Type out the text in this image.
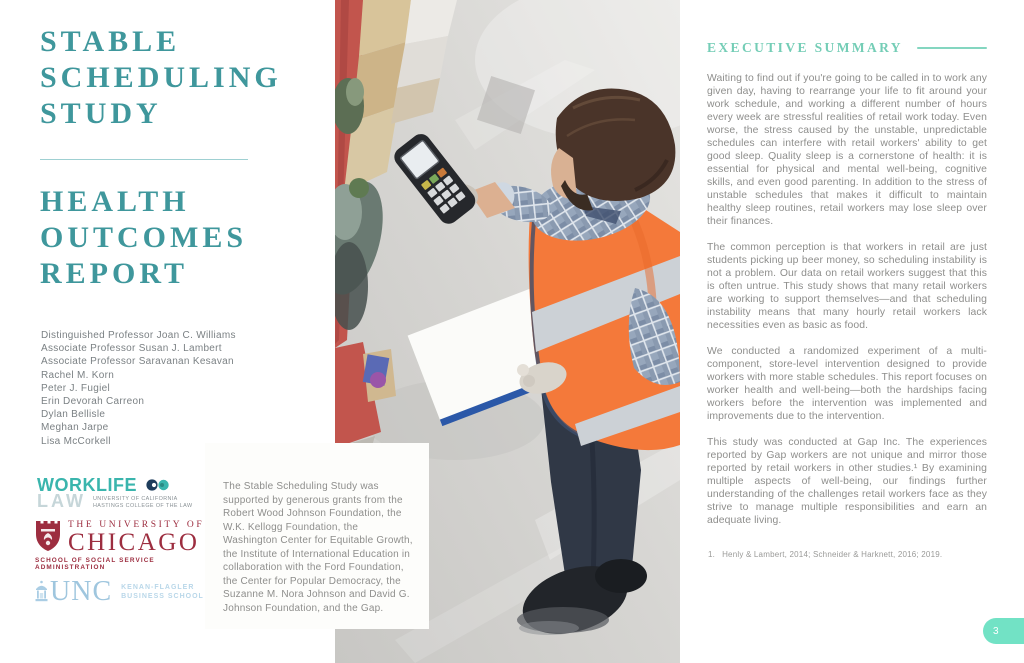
STABLE
SCHEDULING
STUDY
HEALTH
OUTCOMES
REPORT
Distinguished Professor Joan C. Williams
Associate Professor Susan J. Lambert
Associate Professor Saravanan Kesavan
Rachel M. Korn
Peter J. Fugiel
Erin Devorah Carreon
Dylan Bellisle
Meghan Jarpe
Lisa McCorkell
WORKLIFE
LAW UNIVERSITY OF CALIFORNIA
HASTINGS COLLEGE OF THE LAW
THE UNIVERSITY OF
CHICAGO
SCHOOL OF SOCIAL SERVICE ADMINISTRATION
UNC KENAN-FLAGLER
BUSINESS SCHOOL

The Stable Scheduling Study was supported by generous grants from the Robert Wood Johnson Foundation, the W.K. Kellogg Foundation, the Washington Center for Equitable Growth, the Institute of International Education in collaboration with the Ford Foundation, the Center for Popular Democracy, the Suzanne M. Nora Johnson and David G. Johnson Foundation, and the Gap.

EXECUTIVE SUMMARY

Waiting to find out if you're going to be called in to work any given day, having to rearrange your life to fit around your work schedule, and working a different number of hours every week are stressful realities of retail work today. Even worse, the stress caused by the unstable, unpredictable schedules can interfere with retail workers' ability to get good sleep. Quality sleep is a cornerstone of health: it is essential for physical and mental well-being, cognitive skills, and even good parenting. In addition to the stress of unstable schedules that makes it difficult to maintain healthy sleep routines, retail workers may lose sleep over their finances.

The common perception is that workers in retail are just students picking up beer money, so scheduling instability is not a problem. Our data on retail workers suggest that this is often untrue. This study shows that many retail workers are working to support themselves—and that scheduling instability means that many hourly retail workers lack necessities even as basic as food.

We conducted a randomized experiment of a multi-component, store-level intervention designed to provide workers with more stable schedules. This report focuses on worker health and well-being—both the hardships facing workers before the intervention was implemented and improvements due to the intervention.

This study was conducted at Gap Inc. The experiences reported by Gap workers are not unique and mirror those reported by retail workers in other studies.¹ By examining multiple aspects of well-being, our findings further understanding of the challenges retail workers face as they strive to manage multiple responsibilities and earn an adequate living.

1. Henly & Lambert, 2014; Schneider & Harknett, 2016; 2019.

3
